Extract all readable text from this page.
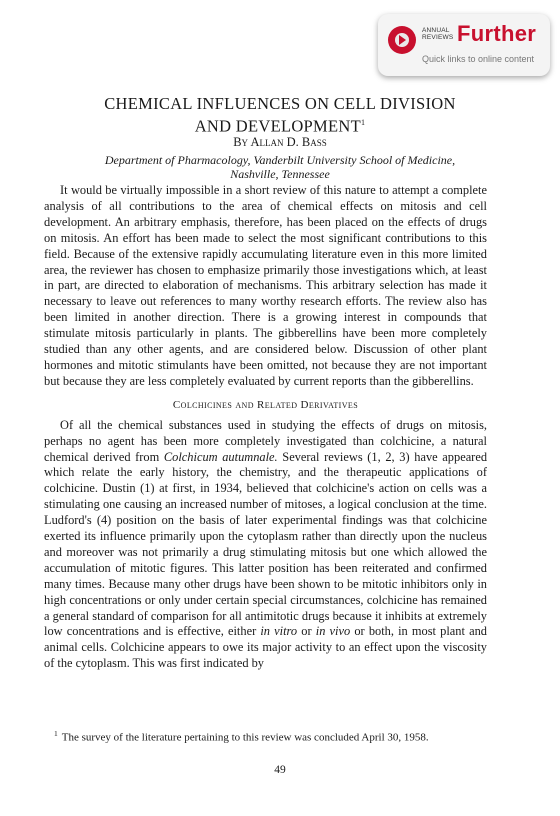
ANNUAL
REVIEWS Further
Quick links to online content
CHEMICAL INFLUENCES ON CELL DIVISION
AND DEVELOPMENT$^1$
By Allan D. Bass
Department of Pharmacology, Vanderbilt University School of Medicine,
Nashville, Tennessee

It would be virtually impossible in a short review of this nature to attempt a complete analysis of all contributions to the area of chemical effects on mitosis and cell development. An arbitrary emphasis, therefore, has been placed on the effects of drugs on mitosis. An effort has been made to select the most significant contributions to this field. Because of the extensive rapidly accumulating literature even in this more limited area, the reviewer has chosen to emphasize primarily those investigations which, at least in part, are directed to elaboration of mechanisms. This arbitrary selection has made it necessary to leave out references to many worthy research efforts. The review also has been limited in another direction. There is a growing interest in compounds that stimulate mitosis particularly in plants. The gibberellins have been more completely studied than any other agents, and are considered below. Discussion of other plant hormones and mitotic stimulants have been omitted, not because they are not important but because they are less completely evaluated by current reports than the gibberellins.

Colchicines and Related Derivatives

Of all the chemical substances used in studying the effects of drugs on mitosis, perhaps no agent has been more completely investigated than colchicine, a natural chemical derived from Colchicum autumnale. Several reviews (1, 2, 3) have appeared which relate the early history, the chemistry, and the therapeutic applications of colchicine. Dustin (1) at first, in 1934, believed that colchicine's action on cells was a stimulating one causing an increased number of mitoses, a logical conclusion at the time. Ludford's (4) position on the basis of later experimental findings was that colchicine exerted its influence primarily upon the cytoplasm rather than directly upon the nucleus and moreover was not primarily a drug stimulating mitosis but one which allowed the accumulation of mitotic figures. This latter position has been reiterated and confirmed many times. Because many other drugs have been shown to be mitotic inhibitors only in high concentrations or only under certain special circumstances, colchicine has remained a general standard of comparison for all antimitotic drugs because it inhibits at extremely low concentrations and is effective, either in vitro or in vivo or both, in most plant and animal cells. Colchicine appears to owe its major activity to an effect upon the viscosity of the cytoplasm. This was first indicated by

$^1$ The survey of the literature pertaining to this review was concluded April 30, 1958.
49
